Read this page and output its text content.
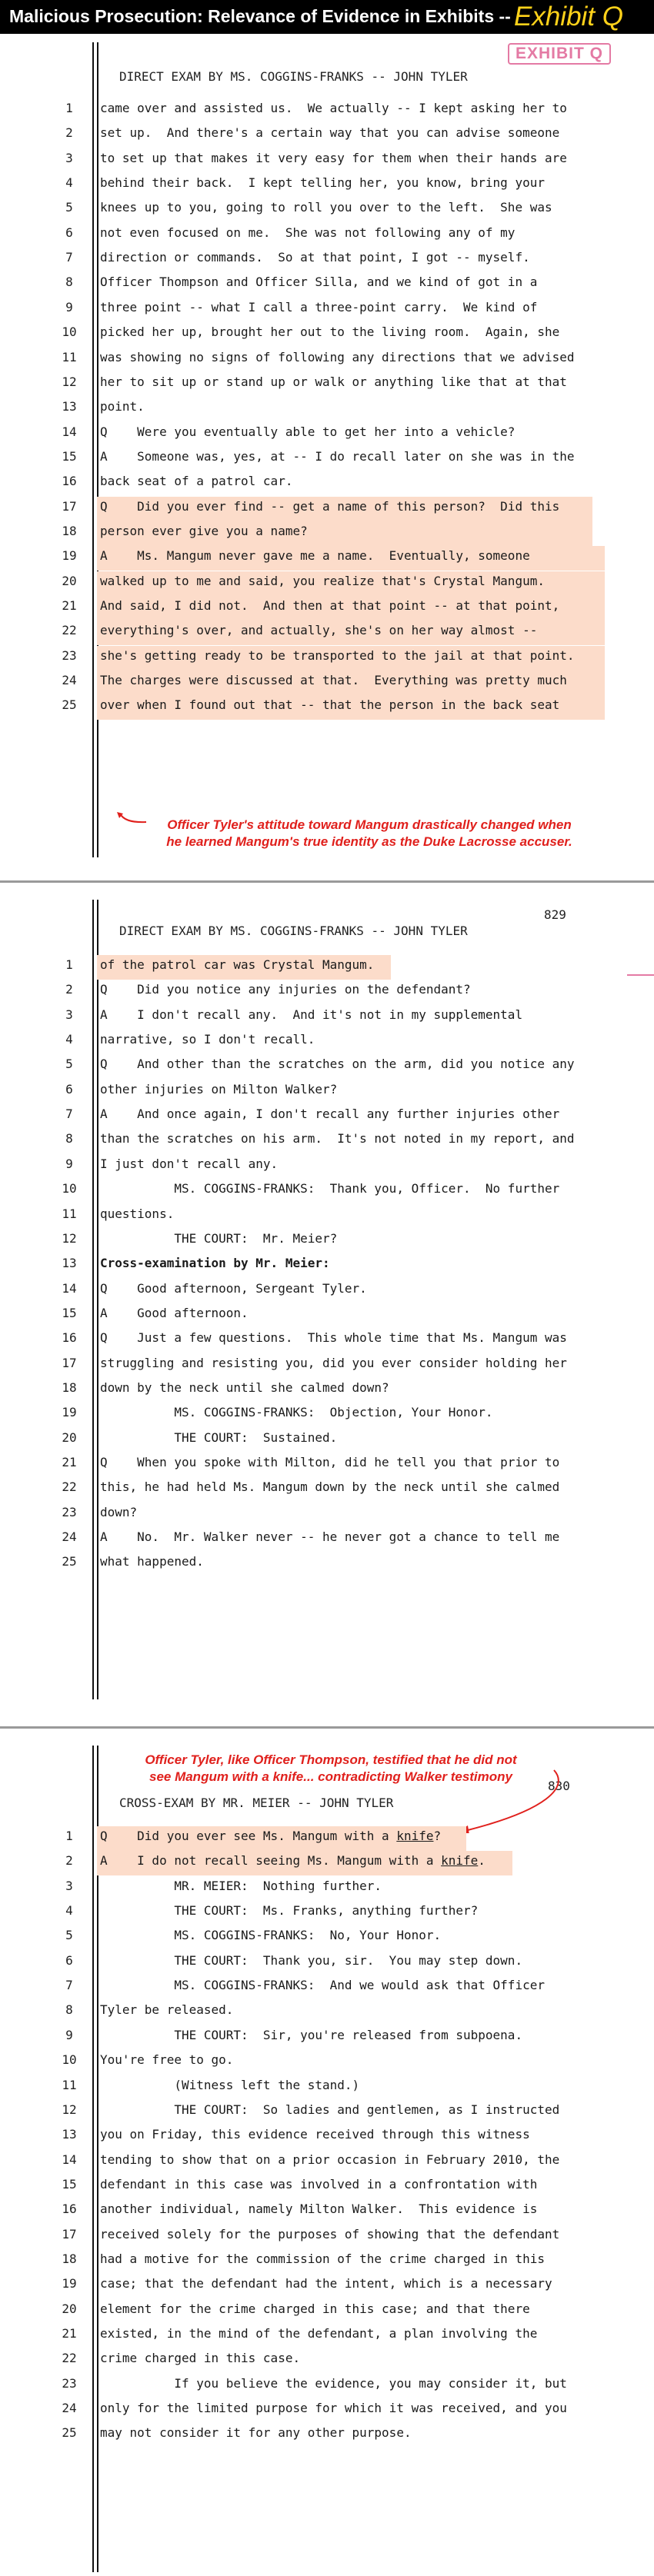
Malicious Prosecution: Relevance of Evidence in Exhibits -- Exhibit Q
EXHIBIT Q
DIRECT EXAM BY MS. COGGINS-FRANKS -- JOHN TYLER
1	came over and assisted us.  We actually -- I kept asking her to
2	set up.  And there's a certain way that you can advise someone
3	to set up that makes it very easy for them when their hands are
4	behind their back.  I kept telling her, you know, bring your
5	knees up to you, going to roll you over to the left.  She was
6	not even focused on me.  She was not following any of my
7	direction or commands.  So at that point, I got -- myself.
8	Officer Thompson and Officer Silla, and we kind of got in a
9	three point -- what I call a three-point carry.  We kind of
10	picked her up, brought her out to the living room.  Again, she
11	was showing no signs of following any directions that we advised
12	her to sit up or stand up or walk or anything like that at that
13	point.
14	Q    Were you eventually able to get her into a vehicle?
15	A    Someone was, yes, at -- I do recall later on she was in the
16	back seat of a patrol car.
17	Q    Did you ever find -- get a name of this person?  Did this
18	person ever give you a name?
19	A    Ms. Mangum never gave me a name.  Eventually, someone
20	walked up to me and said, you realize that's Crystal Mangum.
21	And said, I did not.  And then at that point -- at that point,
22	everything's over, and actually, she's on her way almost --
23	she's getting ready to be transported to the jail at that point.
24	The charges were discussed at that.  Everything was pretty much
25	over when I found out that -- that the person in the back seat
Officer Tyler's attitude toward Mangum drastically changed when
he learned Mangum's true identity as the Duke Lacrosse accuser.
829
DIRECT EXAM BY MS. COGGINS-FRANKS -- JOHN TYLER
1	of the patrol car was Crystal Mangum.
2	Q    Did you notice any injuries on the defendant?
3	A    I don't recall any.  And it's not in my supplemental
4	narrative, so I don't recall.
5	Q    And other than the scratches on the arm, did you notice any
6	other injuries on Milton Walker?
7	A    And once again, I don't recall any further injuries other
8	than the scratches on his arm.  It's not noted in my report, and
9	I just don't recall any.
10	MS. COGGINS-FRANKS:  Thank you, Officer.  No further
11	questions.
12	THE COURT:  Mr. Meier?
13	Cross-examination by Mr. Meier:
14	Q    Good afternoon, Sergeant Tyler.
15	A    Good afternoon.
16	Q    Just a few questions.  This whole time that Ms. Mangum was
17	struggling and resisting you, did you ever consider holding her
18	down by the neck until she calmed down?
19	MS. COGGINS-FRANKS:  Objection, Your Honor.
20	THE COURT:  Sustained.
21	Q    When you spoke with Milton, did he tell you that prior to
22	this, he had held Ms. Mangum down by the neck until she calmed
23	down?
24	A    No.  Mr. Walker never -- he never got a chance to tell me
25	what happened.
Officer Tyler, like Officer Thompson, testified that he did not
see Mangum with a knife... contradicting Walker testimony
830
CROSS-EXAM BY MR. MEIER -- JOHN TYLER
1	Q    Did you ever see Ms. Mangum with a knife?
2	A    I do not recall seeing Ms. Mangum with a knife.
3	MR. MEIER:  Nothing further.
4	THE COURT:  Ms. Franks, anything further?
5	MS. COGGINS-FRANKS:  No, Your Honor.
6	THE COURT:  Thank you, sir.  You may step down.
7	MS. COGGINS-FRANKS:  And we would ask that Officer
8	Tyler be released.
9	THE COURT:  Sir, you're released from subpoena.
10	You're free to go.
11	(Witness left the stand.)
12	THE COURT:  So ladies and gentlemen, as I instructed
13	you on Friday, this evidence received through this witness
14	tending to show that on a prior occasion in February 2010, the
15	defendant in this case was involved in a confrontation with
16	another individual, namely Milton Walker.  This evidence is
17	received solely for the purposes of showing that the defendant
18	had a motive for the commission of the crime charged in this
19	case; that the defendant had the intent, which is a necessary
20	element for the crime charged in this case; and that there
21	existed, in the mind of the defendant, a plan involving the
22	crime charged in this case.
23	If you believe the evidence, you may consider it, but
24	only for the limited purpose for which it was received, and you
25	may not consider it for any other purpose.
